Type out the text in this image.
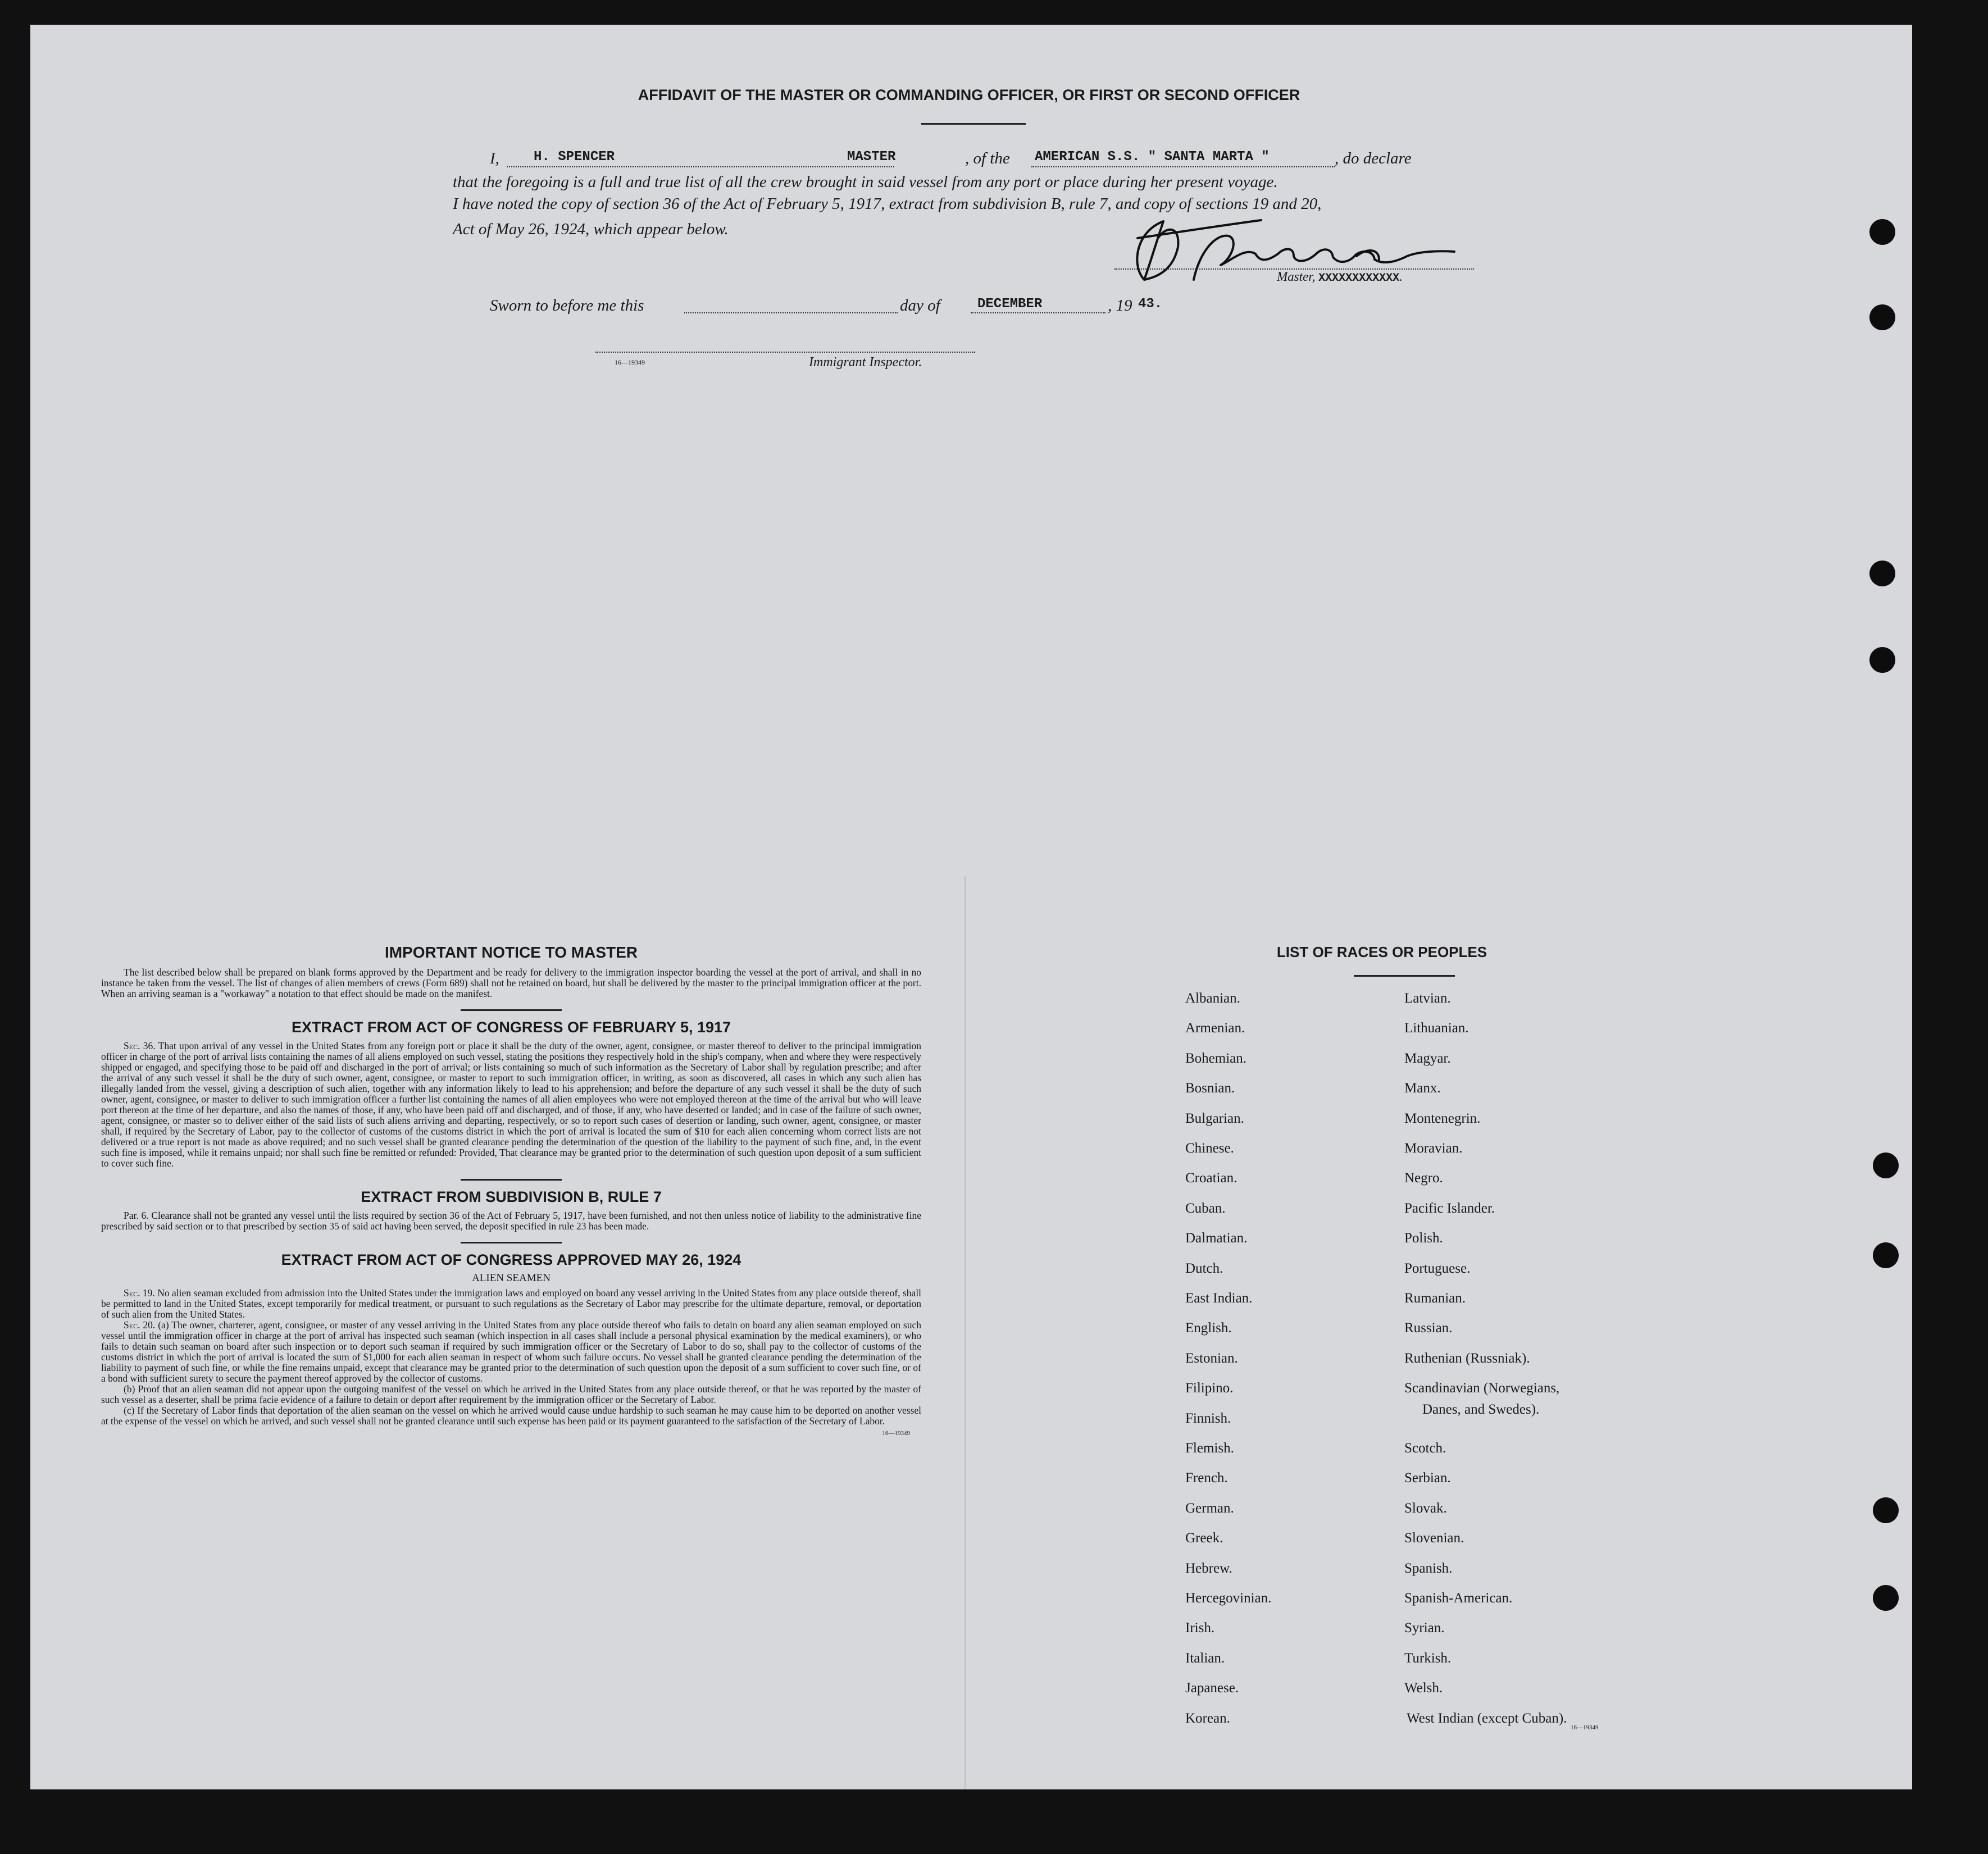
AFFIDAVIT OF THE MASTER OR COMMANDING OFFICER, OR FIRST OR SECOND OFFICER
I,	H. SPENCER	MASTER	, of the AMERICAN S.S. " SANTA MARTA "	, do declare
that the foregoing is a full and true list of all the crew brought in said vessel from any port or place during her present voyage.
I have noted the copy of section 36 of the Act of February 5, 1917, extract from subdivision B, rule 7, and copy of sections 19 and 20,
Act of May 26, 1924, which appear below.
Master, XXXXXXXXXXXX.
Sworn to before me this	day of	DECEMBER	, 19 43.
16—19349	Immigrant Inspector.
IMPORTANT NOTICE TO MASTER
The list described below shall be prepared on blank forms approved by the Department and be ready for delivery to the immigration inspector boarding the vessel at the port of arrival, and shall in no instance be taken from the vessel. The list of changes of alien members of crews (Form 689) shall not be retained on board, but shall be delivered by the master to the principal immigration officer at the port. When an arriving seaman is a "workaway" a notation to that effect should be made on the manifest.
EXTRACT FROM ACT OF CONGRESS OF FEBRUARY 5, 1917
Sec. 36. That upon arrival of any vessel in the United States from any foreign port or place it shall be the duty of the owner, agent, consignee, or master thereof to deliver to the principal immigration officer in charge of the port of arrival lists containing the names of all aliens employed on such vessel, stating the positions they respectively hold in the ship's company, when and where they were respectively shipped or engaged, and specifying those to be paid off and discharged in the port of arrival; or lists containing so much of such information as the Secretary of Labor shall by regulation prescribe; and after the arrival of any such vessel it shall be the duty of such owner, agent, consignee, or master to report to such immigration officer, in writing, as soon as discovered, all cases in which any such alien has illegally landed from the vessel, giving a description of such alien, together with any information likely to lead to his apprehension; and before the departure of any such vessel it shall be the duty of such owner, agent, consignee, or master to deliver to such immigration officer a further list containing the names of all alien employees who were not employed thereon at the time of the arrival but who will leave port thereon at the time of her departure, and also the names of those, if any, who have been paid off and discharged, and of those, if any, who have deserted or landed; and in case of the failure of such owner, agent, consignee, or master so to deliver either of the said lists of such aliens arriving and departing, respectively, or so to report such cases of desertion or landing, such owner, agent, consignee, or master shall, if required by the Secretary of Labor, pay to the collector of customs of the customs district in which the port of arrival is located the sum of $10 for each alien concerning whom correct lists are not delivered or a true report is not made as above required; and no such vessel shall be granted clearance pending the determination of the question of the liability to the payment of such fine, and, in the event such fine is imposed, while it remains unpaid; nor shall such fine be remitted or refunded: Provided, That clearance may be granted prior to the determination of such question upon deposit of a sum sufficient to cover such fine.
EXTRACT FROM SUBDIVISION B, RULE 7
Par. 6. Clearance shall not be granted any vessel until the lists required by section 36 of the Act of February 5, 1917, have been furnished, and not then unless notice of liability to the administrative fine prescribed by said section or to that prescribed by section 35 of said act having been served, the deposit specified in rule 23 has been made.
EXTRACT FROM ACT OF CONGRESS APPROVED MAY 26, 1924
ALIEN SEAMEN
Sec. 19. No alien seaman excluded from admission into the United States under the immigration laws and employed on board any vessel arriving in the United States from any place outside thereof, shall be permitted to land in the United States, except temporarily for medical treatment, or pursuant to such regulations as the Secretary of Labor may prescribe for the ultimate departure, removal, or deportation of such alien from the United States.
Sec. 20. (a) The owner, charterer, agent, consignee, or master of any vessel arriving in the United States from any place outside thereof who fails to detain on board any alien seaman employed on such vessel until the immigration officer in charge at the port of arrival has inspected such seaman (which inspection in all cases shall include a personal physical examination by the medical examiners), or who fails to detain such seaman on board after such inspection or to deport such seaman if required by such immigration officer or the Secretary of Labor to do so, shall pay to the collector of customs of the customs district in which the port of arrival is located the sum of $1,000 for each alien seaman in respect of whom such failure occurs. No vessel shall be granted clearance pending the determination of the liability to payment of such fine, or while the fine remains unpaid, except that clearance may be granted prior to the determination of such question upon the deposit of a sum sufficient to cover such fine, or of a bond with sufficient surety to secure the payment thereof approved by the collector of customs.
(b) Proof that an alien seaman did not appear upon the outgoing manifest of the vessel on which he arrived in the United States from any place outside thereof, or that he was reported by the master of such vessel as a deserter, shall be prima facie evidence of a failure to detain or deport after requirement by the immigration officer or the Secretary of Labor.
(c) If the Secretary of Labor finds that deportation of the alien seaman on the vessel on which he arrived would cause undue hardship to such seaman he may cause him to be deported on another vessel at the expense of the vessel on which he arrived, and such vessel shall not be granted clearance until such expense has been paid or its payment guaranteed to the satisfaction of the Secretary of Labor.
16—19349
LIST OF RACES OR PEOPLES
Albanian.
Armenian.
Bohemian.
Bosnian.
Bulgarian.
Chinese.
Croatian.
Cuban.
Dalmatian.
Dutch.
East Indian.
English.
Estonian.
Filipino.
Finnish.
Flemish.
French.
German.
Greek.
Hebrew.
Hercegovinian.
Irish.
Italian.
Japanese.
Korean.
Latvian.
Lithuanian.
Magyar.
Manx.
Montenegrin.
Moravian.
Negro.
Pacific Islander.
Polish.
Portuguese.
Rumanian.
Russian.
Ruthenian (Russniak).
Scandinavian (Norwegians,
Scotch.
Serbian.
Slovak.
Slovenian.
Spanish.
Spanish-American.
Syrian.
Turkish.
Welsh.
West Indian (except Cuban).
Danes, and Swedes).
16—19349
